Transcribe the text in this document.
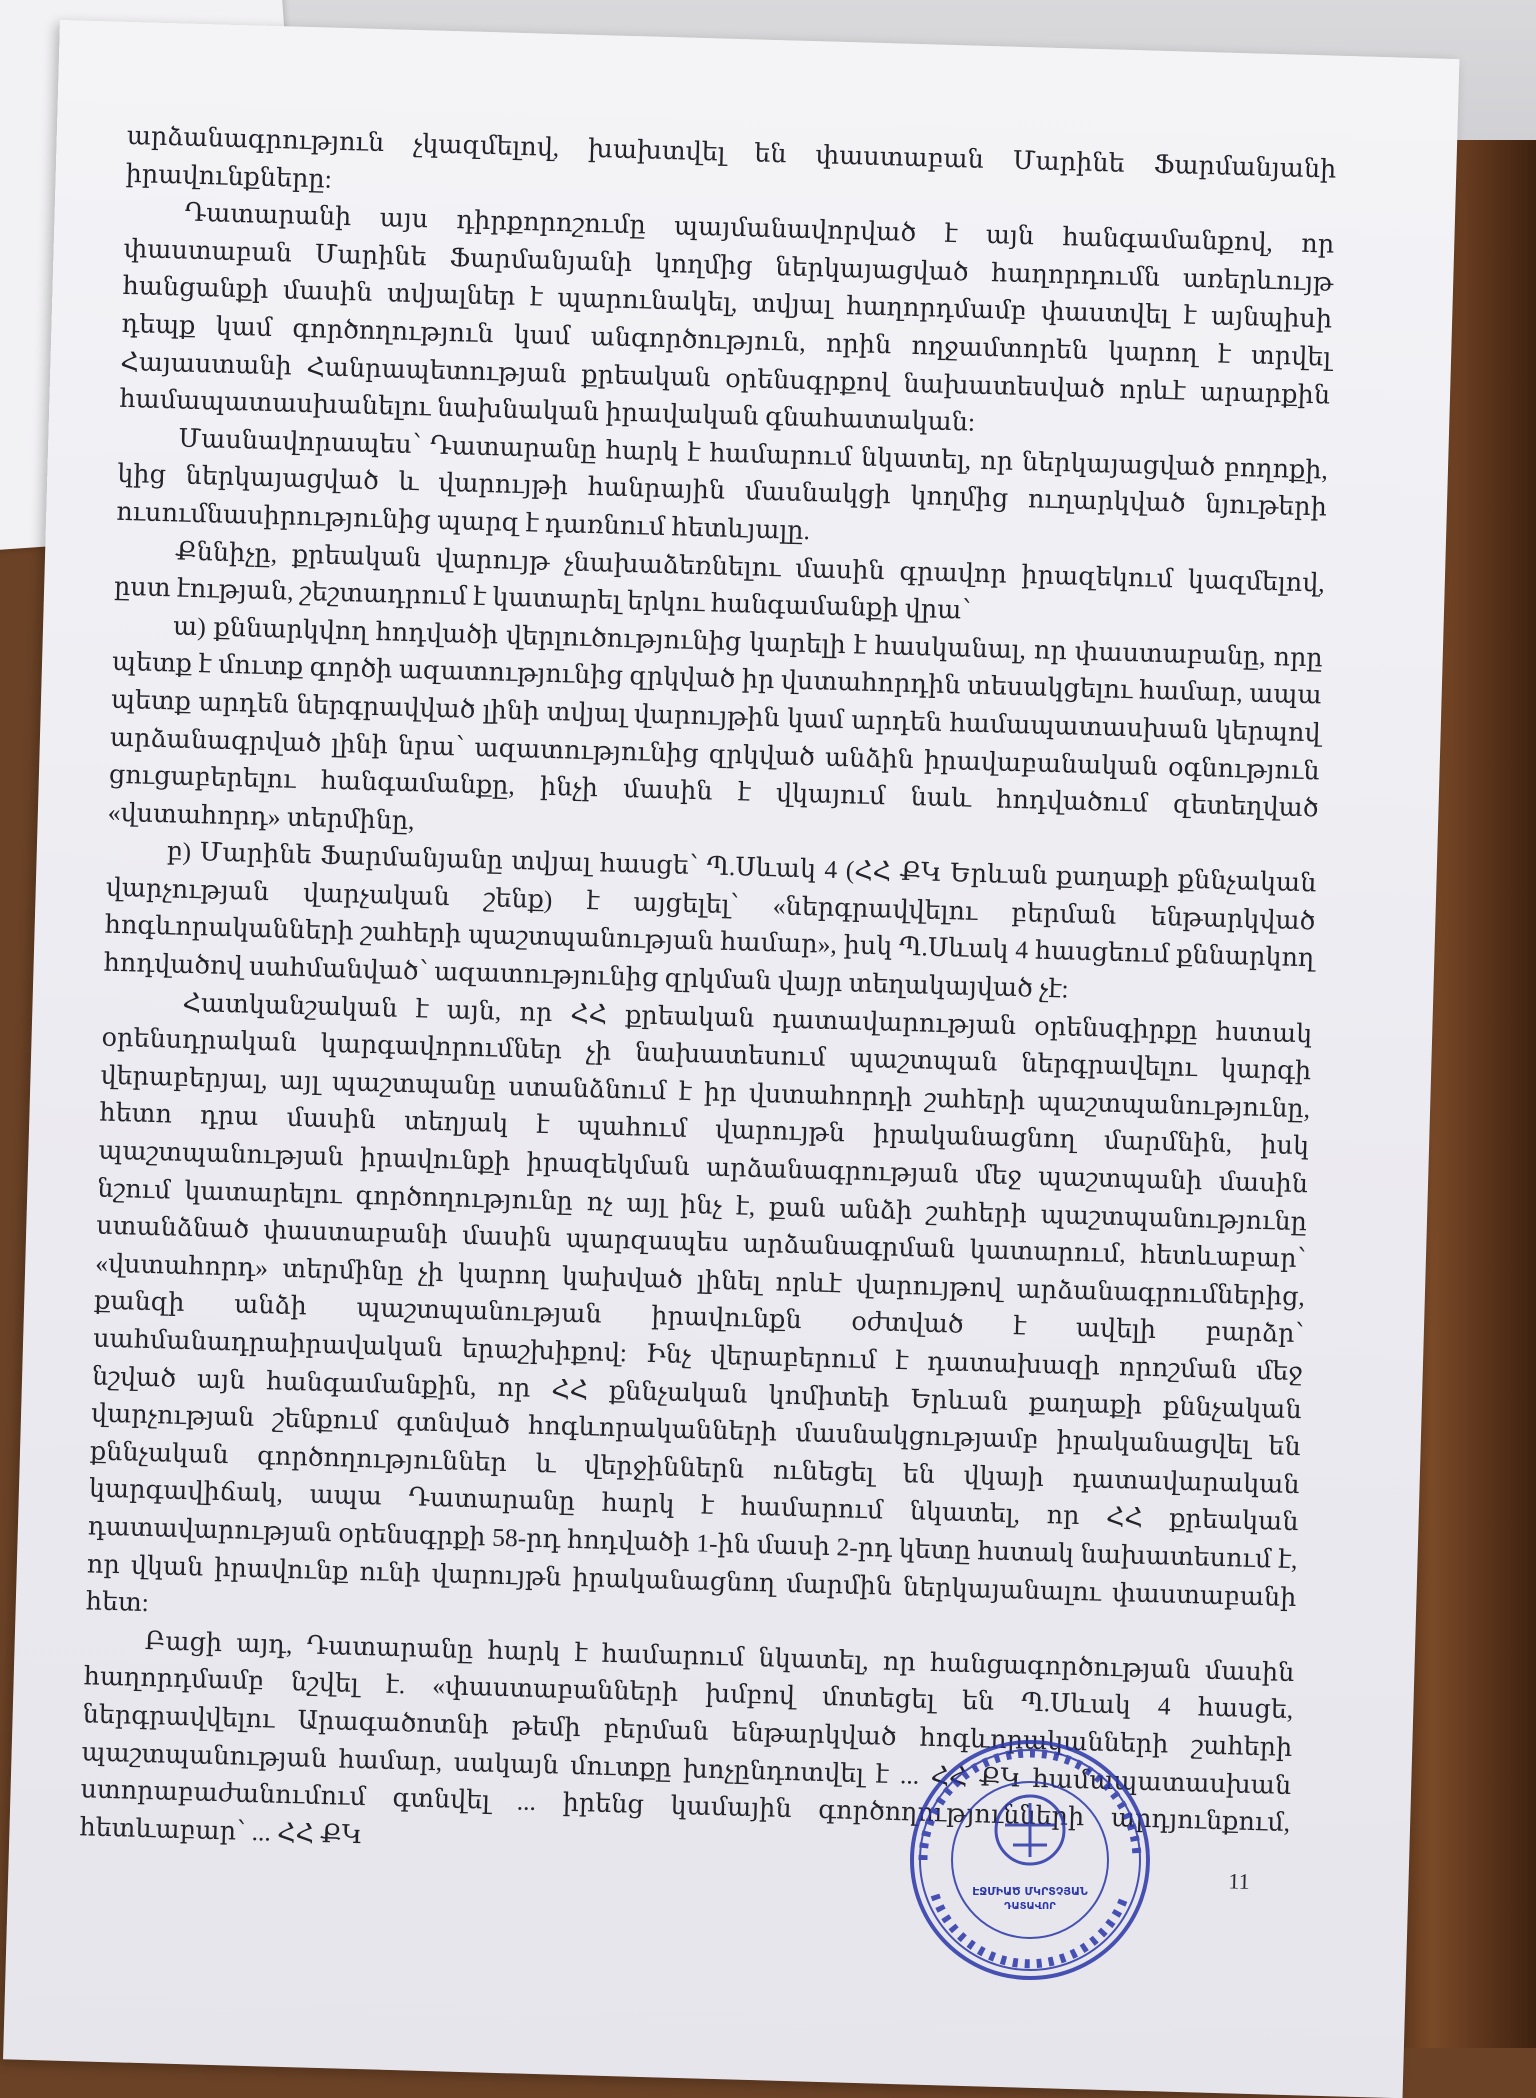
արձանագրություն չկազմելով, խախտվել են փաստաբան Մարինե Ֆարմանյանի իրավունքները:

Դատարանի այս դիրքորոշումը պայմանավորված է այն հանգամանքով, որ փաստաբան Մարինե Ֆարմանյանի կողմից ներկայացված հաղորդումն առերևույթ հանցանքի մասին տվյալներ է պարունակել, տվյալ հաղորդմամբ փաստվել է այնպիսի դեպք կամ գործողություն կամ անգործություն, որին ողջամտորեն կարող է տրվել Հայաստանի Հանրապետության քրեական օրենսգրքով նախատեսված որևէ արարքին համապատասխանելու նախնական իրավական գնահատական:

Մասնավորապես՝ Դատարանը հարկ է համարում նկատել, որ ներկայացված բողոքի, կից ներկայացված և վարույթի հանրային մասնակցի կողմից ուղարկված նյութերի ուսումնասիրությունից պարզ է դառնում հետևյալը.

Քննիչը, քրեական վարույթ չնախաձեռնելու մասին գրավոր իրազեկում կազմելով, ըստ էության, շեշտադրում է կատարել երկու հանգամանքի վրա՝

ա) քննարկվող հոդվածի վերլուծությունից կարելի է հասկանալ, որ փաստաբանը, որը պետք է մուտք գործի ազատությունից զրկված իր վստահորդին տեսակցելու համար, ապա պետք արդեն ներգրավված լինի տվյալ վարույթին կամ արդեն համապատասխան կերպով արձանագրված լինի նրա՝ ազատությունից զրկված անձին իրավաբանական օգնություն ցուցաբերելու հանգամանքը, ինչի մասին է վկայում նաև հոդվածում զետեղված «վստահորդ» տերմինը,

բ) Մարինե Ֆարմանյանը տվյալ հասցե՝ Պ.Սևակ 4 (ՀՀ ՔԿ Երևան քաղաքի քննչական վարչության վարչական շենք) է այցելել՝ «ներգրավվելու բերման ենթարկված հոգևորականների շահերի պաշտպանության համար», իսկ Պ.Սևակ 4 հասցեում քննարկող հոդվածով սահմանված՝ ազատությունից զրկման վայր տեղակայված չէ:

Հատկանշական է այն, որ ՀՀ քրեական դատավարության օրենսգիրքը հստակ օրենսդրական կարգավորումներ չի նախատեսում պաշտպան ներգրավելու կարգի վերաբերյալ, այլ պաշտպանը ստանձնում է իր վստահորդի շահերի պաշտպանությունը, հետո դրա մասին տեղյակ է պահում վարույթն իրականացնող մարմնին, իսկ պաշտպանության իրավունքի իրազեկման արձանագրության մեջ պաշտպանի մասին նշում կատարելու գործողությունը ոչ այլ ինչ է, քան անձի շահերի պաշտպանությունը ստանձնած փաստաբանի մասին պարզապես արձանագրման կատարում, հետևաբար՝ «վստահորդ» տերմինը չի կարող կախված լինել որևէ վարույթով արձանագրումներից, քանզի անձի պաշտպանության իրավունքն օժտված է ավելի բարձր՝ սահմանադրաիրավական երաշխիքով: Ինչ վերաբերում է դատախազի որոշման մեջ նշված այն հանգամանքին, որ ՀՀ քննչական կոմիտեի Երևան քաղաքի քննչական վարչության շենքում գտնված հոգևորականների մասնակցությամբ իրականացվել են քննչական գործողություններ և վերջիններն ունեցել են վկայի դատավարական կարգավիճակ, ապա Դատարանը հարկ է համարում նկատել, որ ՀՀ քրեական դատավարության օրենսգրքի 58-րդ հոդվածի 1-ին մասի 2-րդ կետը հստակ նախատեսում է, որ վկան իրավունք ունի վարույթն իրականացնող մարմին ներկայանալու փաստաբանի հետ:

Բացի այդ, Դատարանը հարկ է համարում նկատել, որ հանցագործության մասին հաղորդմամբ նշվել է. «փաստաբանների խմբով մոտեցել են Պ.Սևակ 4 հասցե, ներգրավվելու Արագածոտնի թեմի բերման ենթարկված հոգևորականների շահերի պաշտպանության համար, սակայն մուտքը խոչընդոտվել է ... ՀՀ ՔԿ համապատասխան ստորաբաժանումում գտնվել ... իրենց կամային գործողությունների արդյունքում, հետևաբար՝ ... ՀՀ ՔԿ

11
ԷՋՄԻԱԾ ՄԿՐՏՉՅԱՆ
ԴԱՏԱՎՈՐ
